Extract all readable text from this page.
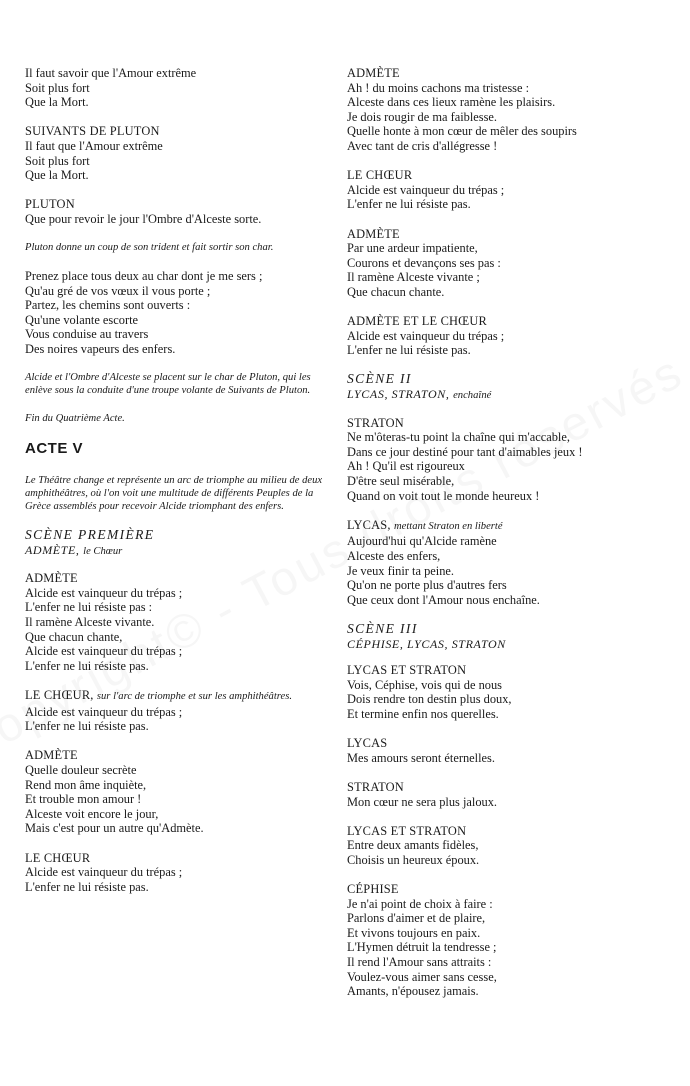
Il faut savoir que l'Amour extrême
Soit plus fort
Que la Mort.
SUIVANTS DE PLUTON
Il faut que l'Amour extrême
Soit plus fort
Que la Mort.
PLUTON
Que pour revoir le jour l'Ombre d'Alceste sorte.
Pluton donne un coup de son trident et fait sortir son char.
Prenez place tous deux au char dont je me sers ;
Qu'au gré de vos vœux il vous porte ;
Partez, les chemins sont ouverts :
Qu'une volante escorte
Vous conduise au travers
Des noires vapeurs des enfers.
Alcide et l'Ombre d'Alceste se placent sur le char de Pluton, qui les enlève sous la conduite d'une troupe volante de Suivants de Pluton.
Fin du Quatrième Acte.
ACTE V
Le Théâtre change et représente un arc de triomphe au milieu de deux amphithéâtres, où l'on voit une multitude de différents Peuples de la Grèce assemblés pour recevoir Alcide triomphant des enfers.
SCÈNE PREMIÈRE
ADMÈTE, le Chœur
ADMÈTE
Alcide est vainqueur du trépas ;
L'enfer ne lui résiste pas :
Il ramène Alceste vivante.
Que chacun chante,
Alcide est vainqueur du trépas ;
L'enfer ne lui résiste pas.
LE CHŒUR, sur l'arc de triomphe et sur les amphithéâtres.
Alcide est vainqueur du trépas ;
L'enfer ne lui résiste pas.
ADMÈTE
Quelle douleur secrète
Rend mon âme inquiète,
Et trouble mon amour !
Alceste voit encore le jour,
Mais c'est pour un autre qu'Admète.
LE CHŒUR
Alcide est vainqueur du trépas ;
L'enfer ne lui résiste pas.
ADMÈTE
Ah ! du moins cachons ma tristesse :
Alceste dans ces lieux ramène les plaisirs.
Je dois rougir de ma faiblesse.
Quelle honte à mon cœur de mêler des soupirs
Avec tant de cris d'allégresse !
LE CHŒUR
Alcide est vainqueur du trépas ;
L'enfer ne lui résiste pas.
ADMÈTE
Par une ardeur impatiente,
Courons et devançons ses pas :
Il ramène Alceste vivante ;
Que chacun chante.
ADMÈTE ET LE CHŒUR
Alcide est vainqueur du trépas ;
L'enfer ne lui résiste pas.
SCÈNE II
LYCAS, STRATON, enchaîné
STRATON
Ne m'ôteras-tu point la chaîne qui m'accable,
Dans ce jour destiné pour tant d'aimables jeux !
Ah ! Qu'il est rigoureux
D'être seul misérable,
Quand on voit tout le monde heureux !
LYCAS, mettant Straton en liberté
Aujourd'hui qu'Alcide ramène
Alceste des enfers,
Je veux finir ta peine.
Qu'on ne porte plus d'autres fers
Que ceux dont l'Amour nous enchaîne.
SCÈNE III
CÉPHISE, LYCAS, STRATON
LYCAS ET STRATON
Vois, Céphise, vois qui de nous
Dois rendre ton destin plus doux,
Et termine enfin nos querelles.
LYCAS
Mes amours seront éternelles.
STRATON
Mon cœur ne sera plus jaloux.
LYCAS ET STRATON
Entre deux amants fidèles,
Choisis un heureux époux.
CÉPHISE
Je n'ai point de choix à faire :
Parlons d'aimer et de plaire,
Et vivons toujours en paix.
L'Hymen détruit la tendresse ;
Il rend l'Amour sans attraits :
Voulez-vous aimer sans cesse,
Amants, n'épousez jamais.
